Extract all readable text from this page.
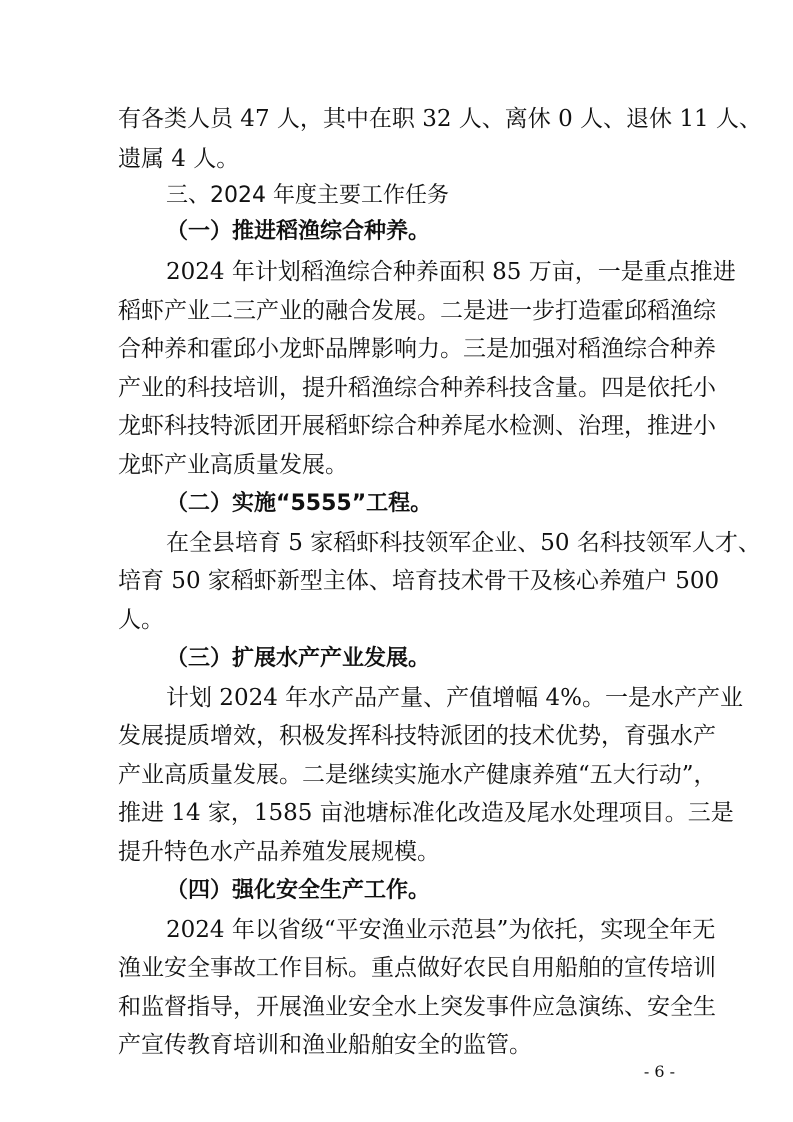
有各类人员 47 人，其中在职 32 人、离休 0 人、退休 11 人、
遗属 4 人。
三、2024 年度主要工作任务
（一）推进稻渔综合种养。
2024 年计划稻渔综合种养面积 85 万亩，一是重点推进
稻虾产业二三产业的融合发展。二是进一步打造霍邱稻渔综
合种养和霍邱小龙虾品牌影响力。三是加强对稻渔综合种养
产业的科技培训，提升稻渔综合种养科技含量。四是依托小
龙虾科技特派团开展稻虾综合种养尾水检测、治理，推进小
龙虾产业高质量发展。
（二）实施“5555”工程。
在全县培育 5 家稻虾科技领军企业、50 名科技领军人才、
培育 50 家稻虾新型主体、培育技术骨干及核心养殖户 500
人。
（三）扩展水产产业发展。
计划 2024 年水产品产量、产值增幅 4%。一是水产产业
发展提质增效，积极发挥科技特派团的技术优势，育强水产
产业高质量发展。二是继续实施水产健康养殖“五大行动”，
推进 14 家，1585 亩池塘标准化改造及尾水处理项目。三是
提升特色水产品养殖发展规模。
（四）强化安全生产工作。
2024 年以省级“平安渔业示范县”为依托，实现全年无
渔业安全事故工作目标。重点做好农民自用船舶的宣传培训
和监督指导，开展渔业安全水上突发事件应急演练、安全生
产宣传教育培训和渔业船舶安全的监管。
- 6 -
